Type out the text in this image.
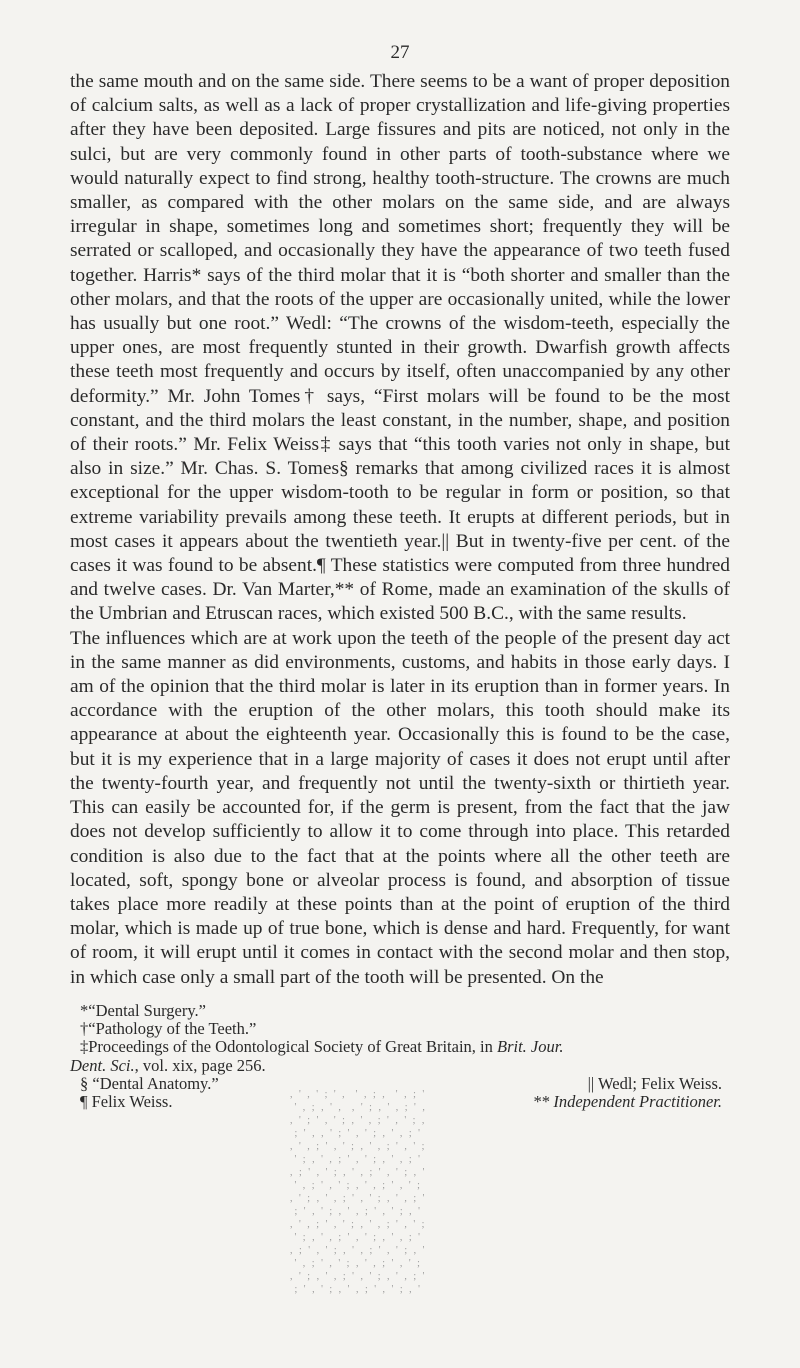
27

the same mouth and on the same side. There seems to be a want of proper deposition of calcium salts, as well as a lack of proper crystallization and life-giving properties after they have been deposited. Large fissures and pits are noticed, not only in the sulci, but are very commonly found in other parts of tooth-substance where we would naturally expect to find strong, healthy tooth-structure. The crowns are much smaller, as compared with the other molars on the same side, and are always irregular in shape, sometimes long and sometimes short; frequently they will be serrated or scalloped, and occasionally they have the appearance of two teeth fused together. Harris* says of the third molar that it is “both shorter and smaller than the other molars, and that the roots of the upper are occasionally united, while the lower has usually but one root.” Wedl: “The crowns of the wisdom-teeth, especially the upper ones, are most frequently stunted in their growth. Dwarfish growth affects these teeth most frequently and occurs by itself, often unaccompanied by any other deformity.” Mr. John Tomes† says, “First molars will be found to be the most constant, and the third molars the least constant, in the number, shape, and position of their roots.” Mr. Felix Weiss‡ says that “this tooth varies not only in shape, but also in size.” Mr. Chas. S. Tomes§ remarks that among civilized races it is almost exceptional for the upper wisdom-tooth to be regular in form or position, so that extreme variability prevails among these teeth. It erupts at different periods, but in most cases it appears about the twentieth year.|| But in twenty-five per cent. of the cases it was found to be absent.¶ These statistics were computed from three hundred and twelve cases. Dr. Van Marter,** of Rome, made an examination of the skulls of the Umbrian and Etruscan races, which existed 500 B.C., with the same results.

The influences which are at work upon the teeth of the people of the present day act in the same manner as did environments, customs, and habits in those early days. I am of the opinion that the third molar is later in its eruption than in former years. In accordance with the eruption of the other molars, this tooth should make its appearance at about the eighteenth year. Occasionally this is found to be the case, but it is my experience that in a large majority of cases it does not erupt until after the twenty-fourth year, and frequently not until the twenty-sixth or thirtieth year. This can easily be accounted for, if the germ is present, from the fact that the jaw does not develop sufficiently to allow it to come through into place. This retarded condition is also due to the fact that at the points where all the other teeth are located, soft, spongy bone or alveolar process is found, and absorption of tissue takes place more readily at these points than at the point of eruption of the third molar, which is made up of true bone, which is dense and hard. Frequently, for want of room, it will erupt until it comes in contact with the second molar and then stop, in which case only a small part of the tooth will be presented. On the

*“Dental Surgery.”

†“Pathology of the Teeth.”

‡Proceedings of the Odontological Society of Great Britain, in Brit. Jour.

Dent. Sci., vol. xix, page 256.

§ “Dental Anatomy.”	|| Wedl; Felix Weiss.
¶ Felix Weiss.	** Independent Practitioner.

, ' , ' ; ' ,  ' , ; ,  ' , ; '
' , ; , ' ,  , ' ; , ' , ; ' ,
, ' ; ' , ' ; , ' , ; ' , ' ; ,
; ' , , ' ; ' , ' ; , ' , ; '
, ' , ; ' , ' ; , ' , ; ' , ' ;
' ; , ' , ; ' , ' ; , ' , ; '
, ; ' , ' ; , ' , ; ' , ' ; , '
' , ; ' , ' ; , ' , ; ' , ' ;
, ' ; , ' , ; ' , ' ; , ' , ; '
; ' , ' ; , ' , ; ' , ' ; , '
, ' , ; ' , ' ; , ' , ; ' , ' ;
' ; , ' , ; ' , ' ; , ' , ; '
, ; ' , ' ; , ' , ; ' , ' ; , '
' , ; ' , ' ; , ' , ; ' , ' ;
, ' ; , ' , ; ' , ' ; , ' , ; '
; ' , ' ; , ' , ; ' , ' ; , '
